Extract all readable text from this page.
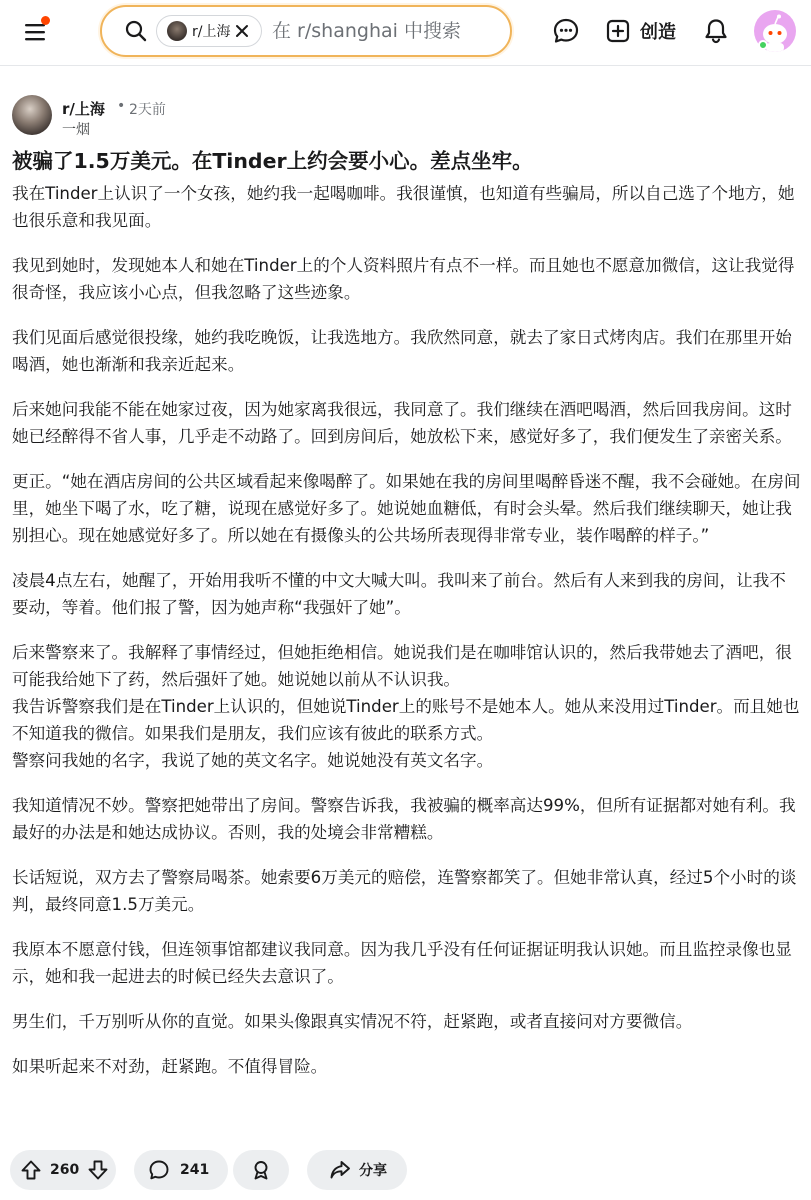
r/上海
在 r/shanghai 中搜索	创造
r/上海 • 2天前
一烟
被骗了1.5万美元。在Tinder上约会要小心。差点坐牢。

我在Tinder上认识了一个女孩，她约我一起喝咖啡。我很谨慎，也知道有些骗局，所以自己选了个地方，她也很乐意和我见面。

我见到她时，发现她本人和她在Tinder上的个人资料照片有点不一样。而且她也不愿意加微信，这让我觉得很奇怪，我应该小心点，但我忽略了这些迹象。

我们见面后感觉很投缘，她约我吃晚饭，让我选地方。我欣然同意，就去了家日式烤肉店。我们在那里开始喝酒，她也渐渐和我亲近起来。

后来她问我能不能在她家过夜，因为她家离我很远，我同意了。我们继续在酒吧喝酒，然后回我房间。这时她已经醉得不省人事，几乎走不动路了。回到房间后，她放松下来，感觉好多了，我们便发生了亲密关系。

更正。“她在酒店房间的公共区域看起来像喝醉了。如果她在我的房间里喝醉昏迷不醒，我不会碰她。在房间里，她坐下喝了水，吃了糖，说现在感觉好多了。她说她血糖低，有时会头晕。然后我们继续聊天，她让我别担心。现在她感觉好多了。所以她在有摄像头的公共场所表现得非常专业，装作喝醉的样子。”

凌晨4点左右，她醒了，开始用我听不懂的中文大喊大叫。我叫来了前台。然后有人来到我的房间，让我不要动，等着。他们报了警，因为她声称“我强奸了她”。

后来警察来了。我解释了事情经过，但她拒绝相信。她说我们是在咖啡馆认识的，然后我带她去了酒吧，很可能我给她下了药，然后强奸了她。她说她以前从不认识我。

我告诉警察我们是在Tinder上认识的，但她说Tinder上的账号不是她本人。她从来没用过Tinder。而且她也不知道我的微信。如果我们是朋友，我们应该有彼此的联系方式。

警察问我她的名字，我说了她的英文名字。她说她没有英文名字。

我知道情况不妙。警察把她带出了房间。警察告诉我，我被骗的概率高达99%，但所有证据都对她有利。我最好的办法是和她达成协议。否则，我的处境会非常糟糕。

长话短说，双方去了警察局喝茶。她索要6万美元的赔偿，连警察都笑了。但她非常认真，经过5个小时的谈判，最终同意1.5万美元。

我原本不愿意付钱，但连领事馆都建议我同意。因为我几乎没有任何证据证明我认识她。而且监控录像也显示，她和我一起进去的时候已经失去意识了。

男生们，千万别听从你的直觉。如果头像跟真实情况不符，赶紧跑，或者直接问对方要微信。

如果听起来不对劲，赶紧跑。不值得冒险。

260	241	分享
